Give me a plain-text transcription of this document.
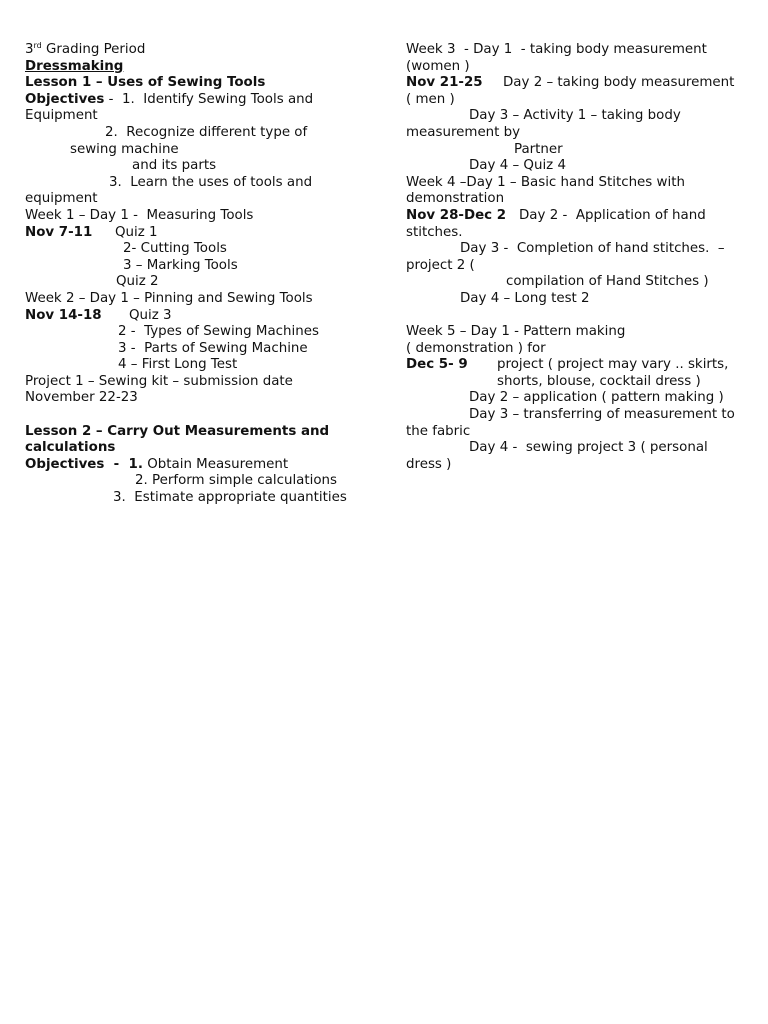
3rd Grading Period
Dressmaking
Lesson 1 – Uses of Sewing Tools
Objectives -  1.  Identify Sewing Tools and
Equipment
2.  Recognize different type of
sewing machine
and its parts
3.  Learn the uses of tools and
equipment
Week 1 – Day 1 -  Measuring Tools
Nov 7-11 Quiz 1
2- Cutting Tools
3 – Marking Tools
Quiz 2
Week 2 – Day 1 – Pinning and Sewing Tools
Nov 14-18 Quiz 3
2 -  Types of Sewing Machines
3 -  Parts of Sewing Machine
4 – First Long Test
Project 1 – Sewing kit – submission date
November 22-23
Lesson 2 – Carry Out Measurements and
calculations
Objectives  -  1. Obtain Measurement
2. Perform simple calculations
3.  Estimate appropriate quantities
Week 3  - Day 1  - taking body measurement
(women )
Nov 21-25 Day 2 – taking body measurement
( men )
Day 3 – Activity 1 – taking body
measurement by
Partner
Day 4 – Quiz 4
Week 4 –Day 1 – Basic hand Stitches with
demonstration
Nov 28-Dec 2 Day 2 -  Application of hand
stitches.
Day 3 -  Completion of hand stitches.  –
project 2 (
compilation of Hand Stitches )
Day 4 – Long test 2
Week 5 – Day 1 - Pattern making
( demonstration ) for
Dec 5- 9 project ( project may vary .. skirts,
shorts, blouse, cocktail dress )
Day 2 – application ( pattern making )
Day 3 – transferring of measurement to
the fabric
Day 4 -  sewing project 3 ( personal
dress )
